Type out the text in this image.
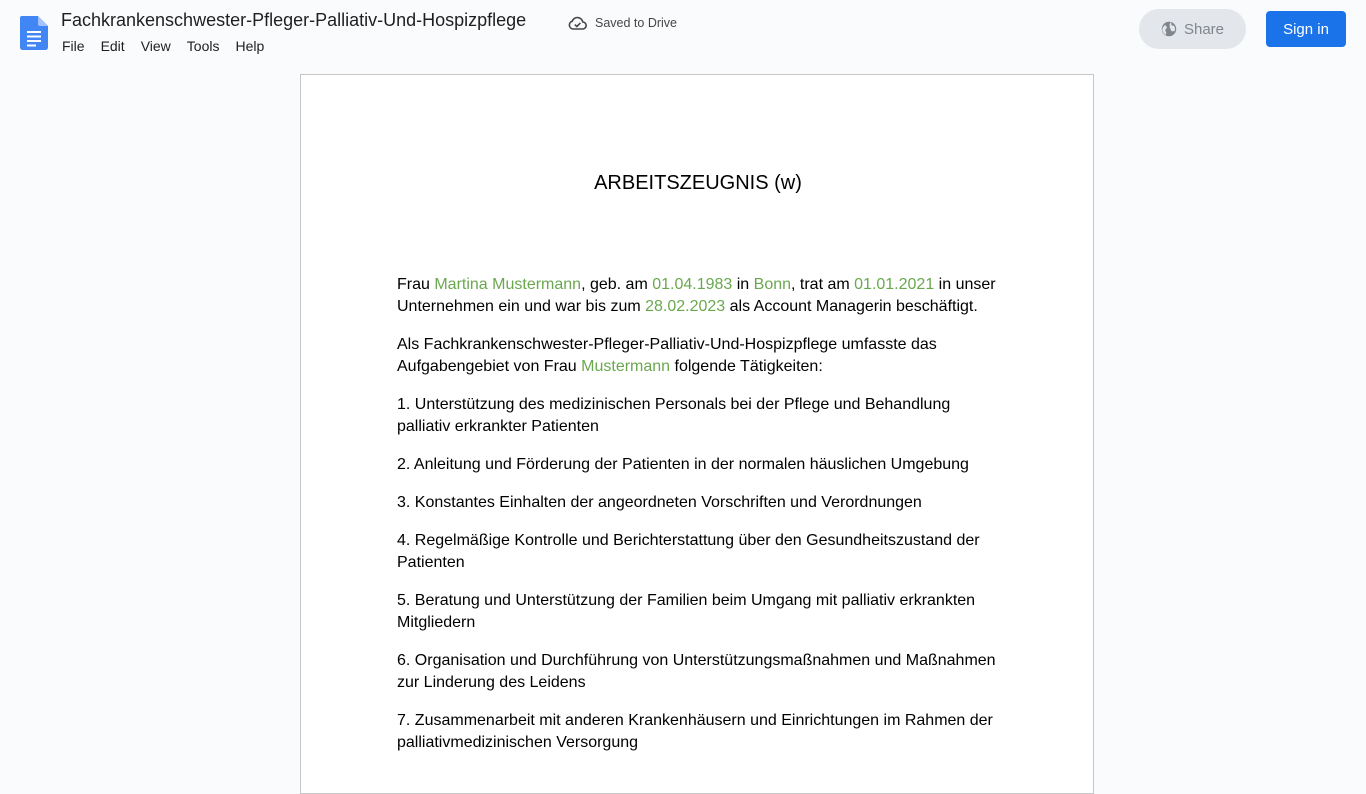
Fachkrankenschwester-Pfleger-Palliativ-Und-Hospizpflege	Saved to Drive
File	Edit	View	Tools	Help
Share	Sign in
ARBEITSZEUGNIS (w)

Frau Martina Mustermann, geb. am 01.04.1983 in Bonn, trat am 01.01.2021 in unser Unternehmen ein und war bis zum 28.02.2023 als Account Managerin beschäftigt.

Als Fachkrankenschwester-Pfleger-Palliativ-Und-Hospizpflege umfasste das Aufgabengebiet von Frau Mustermann folgende Tätigkeiten:

1. Unterstützung des medizinischen Personals bei der Pflege und Behandlung palliativ erkrankter Patienten

2. Anleitung und Förderung der Patienten in der normalen häuslichen Umgebung

3. Konstantes Einhalten der angeordneten Vorschriften und Verordnungen

4. Regelmäßige Kontrolle und Berichterstattung über den Gesundheitszustand der Patienten

5. Beratung und Unterstützung der Familien beim Umgang mit palliativ erkrankten Mitgliedern

6. Organisation und Durchführung von Unterstützungsmaßnahmen und Maßnahmen zur Linderung des Leidens

7. Zusammenarbeit mit anderen Krankenhäusern und Einrichtungen im Rahmen der palliativmedizinischen Versorgung
